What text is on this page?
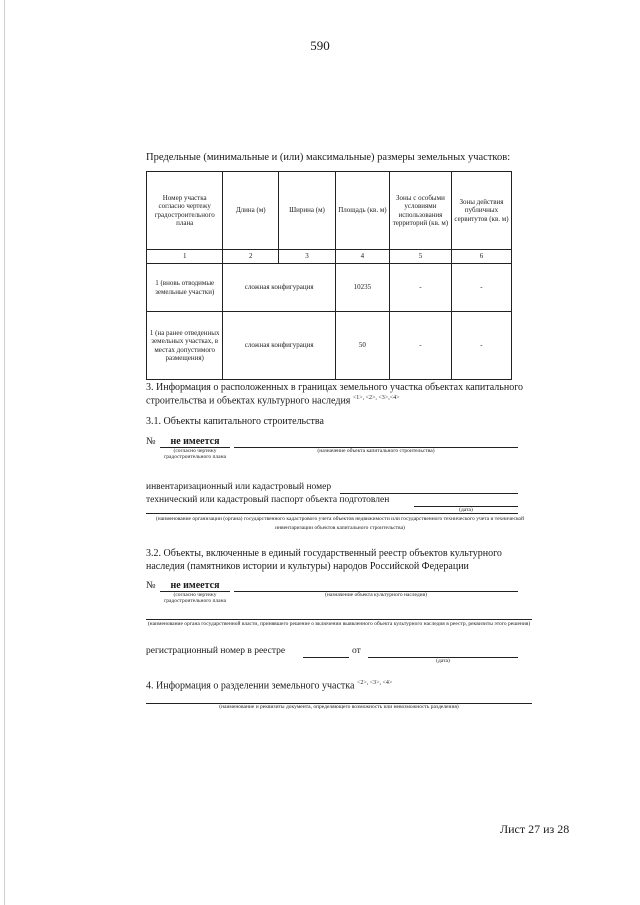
590
Предельные (минимальные и (или) максимальные) размеры земельных участков:
Номер участка согласно чертежу градостроительного плана	Длина (м)	Ширина (м)	Площадь (кв. м)	Зоны с особыми условиями использования территорий (кв. м)	Зоны действия публичных сервитутов (кв. м)
1	2	3	4	5	6
1 (вновь отводимые земельные участки)	сложная конфигурация		10235	-	-
1 (на ранее отведенных земельных участках, в местах допустимого размещения)	сложная конфигурация		50	-	-
3. Информация о расположенных в границах земельного участка объектах капитального строительства и объектах культурного наследия $^{<1>, <2>, <3>,<4>}$
3.1. Объекты капитального строительства
№	не имеется
(согласно чертежу градостроительного плана
(назначение объекта капитального строительства)
инвентаризационный или кадастровый номер
технический или кадастровый паспорт объекта подготовлен
(дата)
(наименование организации (органа) государственного кадастрового учета объектов недвижимости или государственного технического учета и технической инвентаризации объектов капитального строительства)
3.2. Объекты, включенные в единый государственный реестр объектов культурного наследия (памятников истории и культуры) народов Российской Федерации
№	не имеется
(согласно чертежу градостроительного плана
(назначение объекта культурного наследия)
(наименование органа государственной власти, принявшего решение о включении выявленного объекта культурного наследия в реестр, реквизиты этого решения)
регистрационный номер в реестре	от
(дата)
4. Информация о разделении земельного участка $^{<2>, <3>, <4>}$
(наименование и реквизиты документа, определяющего возможность или невозможность разделения)
Лист 27 из 28
